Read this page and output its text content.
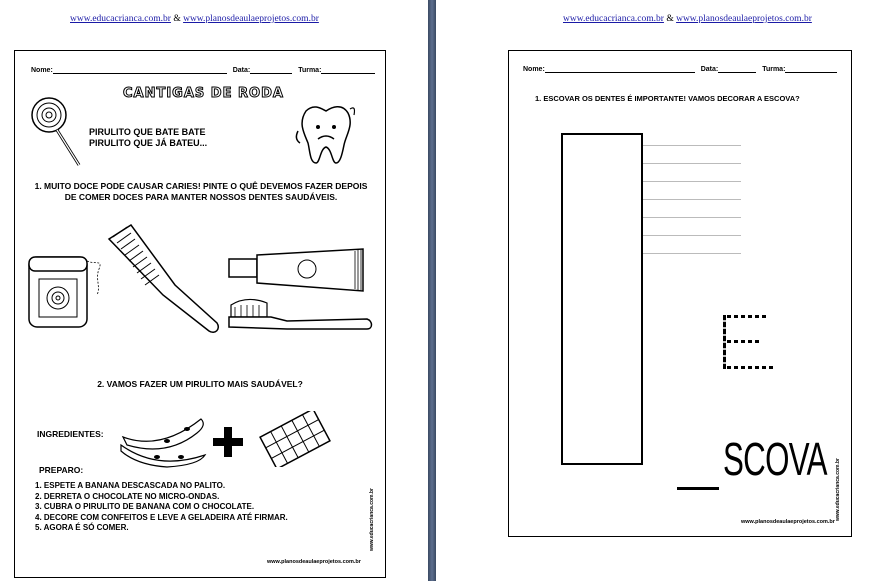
www.educacrianca.com.br & www.planosdeaulaeprojetos.com.br	www.educacrianca.com.br & www.planosdeaulaeprojetos.com.br
Nome:	Data:	Turma:
CANTIGAS DE RODA
PIRULITO QUE BATE BATE
PIRULITO QUE JÁ BATEU...
1. MUITO DOCE PODE CAUSAR CARIES! PINTE O QUÊ DEVEMOS FAZER DEPOIS
DE COMER DOCES PARA MANTER NOSSOS DENTES SAUDÁVEIS.
2. VAMOS FAZER UM PIRULITO MAIS SAUDÁVEL?
INGREDIENTES:
PREPARO:
1. ESPETE A BANANA DESCASCADA NO PALITO.
2. DERRETA O CHOCOLATE NO MICRO-ONDAS.
3. CUBRA O PIRULITO DE BANANA COM O CHOCOLATE.
4. DECORE COM CONFEITOS E LEVE A GELADEIRA ATÉ FIRMAR.
5. AGORA É SÓ COMER.
www.planosdeaulaeprojetos.com.br
www.educacrianca.com.br
Nome:	Data:	Turma:
1. ESCOVAR OS DENTES É IMPORTANTE! VAMOS DECORAR A ESCOVA?
SCOVA
www.planosdeaulaeprojetos.com.br
www.educacrianca.com.br
